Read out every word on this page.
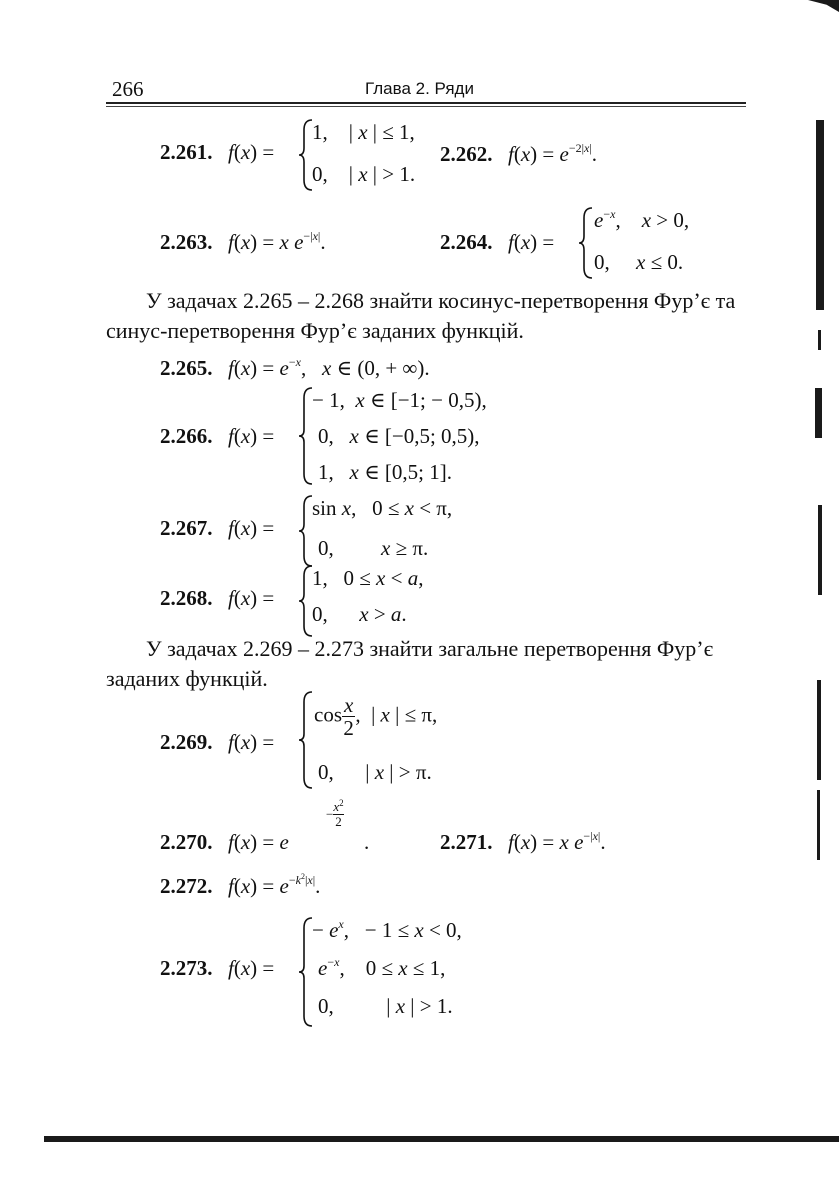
266	Глава 2. Ряди
2.261. f(x) =
1,    | x | ≤ 1,
0,    | x | > 1.
2.262. $f(x) = e^{-2|x|}$.
2.263. f(x) = x $e^{-|x|}$.	2.264. f(x) =
$e^{-x}$,    x > 0,
0,     x ≤ 0.
У задачах 2.265 – 2.268 знайти косинус-перетворення Фур’є та синус-перетворення Фур’є заданих функцій.
2.265. $f(x) = e^{-x}$,   x ∈ (0, + ∞).
2.266. f(x) =
− 1,  x ∈ [−1; − 0,5),
0,   x ∈ [−0,5; 0,5),
1,   x ∈ [0,5; 1].
2.267. f(x) =
sin x,   0 ≤ x < π,
0,         x ≥ π.
2.268. f(x) =
1,   0 ≤ x < a,
0,      x > a.
У задачах 2.269 – 2.273 знайти загальне перетворення Фур’є заданих функцій.
2.269. f(x) =
$\cos \frac{x}{2}$ ,  | x | ≤ π,
0,      | x | > π.
2.270. f(x) = e
− $\frac{x^2}{2}$
.	2.271. f(x) = x $e^{-|x|}$.
2.272. $f(x) = e^{-k^2|x|}$.
2.273. f(x) =
− $e^x$,   − 1 ≤ x < 0,
$e^{-x}$,    0 ≤ x ≤ 1,
0,          | x | > 1.
